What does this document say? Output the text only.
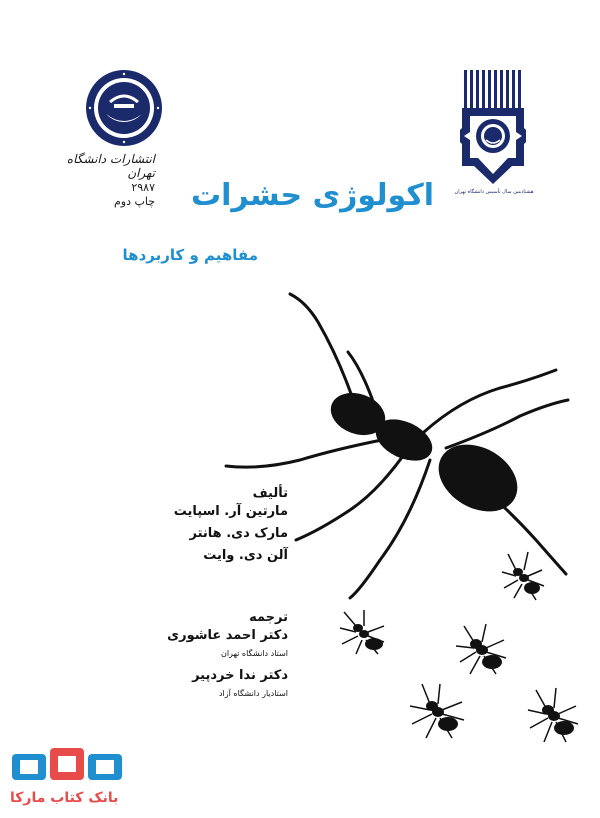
انتشارات دانشگاه تهران
۲۹۸۷
چاپ دوم
هشتادمین سال تأسیس دانشگاه تهران
اکولوژی حشرات
مفاهیم و کاربردها
تألیف
مارتین آر. اسپایت
مارک دی. هانتر
آلن دی. وایت
ترجمه
دکتر احمد عاشوری
استاد دانشگاه تهران
دکتر ندا خردپیر
استادیار دانشگاه آزاد
بانک کتاب مارکا
